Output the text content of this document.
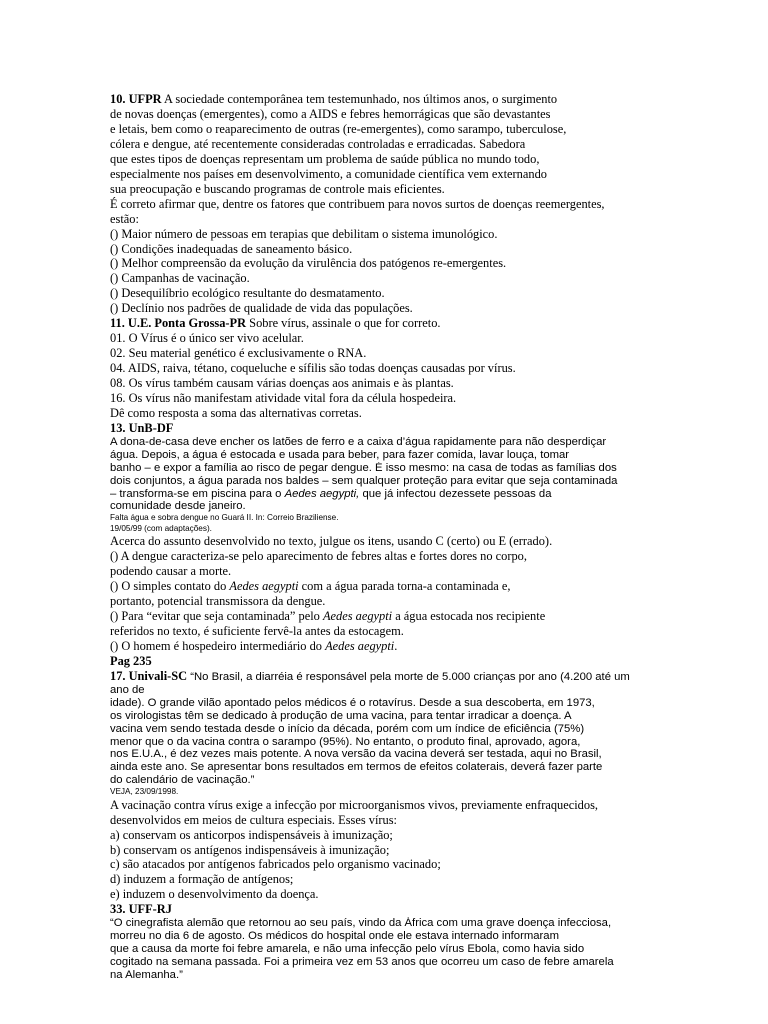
10. UFPR A sociedade contemporânea tem testemunhado, nos últimos anos, o surgimento
de novas doenças (emergentes), como a AIDS e febres hemorrágicas que são devastantes
e letais, bem como o reaparecimento de outras (re-emergentes), como sarampo, tuberculose,
cólera e dengue, até recentemente consideradas controladas e erradicadas. Sabedora
que estes tipos de doenças representam um problema de saúde pública no mundo todo,
especialmente nos países em desenvolvimento, a comunidade científica vem externando
sua preocupação e buscando programas de controle mais eficientes.
É correto afirmar que, dentre os fatores que contribuem para novos surtos de doenças reemergentes,
estão:
() Maior número de pessoas em terapias que debilitam o sistema imunológico.
() Condições inadequadas de saneamento básico.
() Melhor compreensão da evolução da virulência dos patógenos re-emergentes.
() Campanhas de vacinação.
() Desequilíbrio ecológico resultante do desmatamento.
() Declínio nos padrões de qualidade de vida das populações.
11. U.E. Ponta Grossa-PR Sobre vírus, assinale o que for correto.
01. O Vírus é o único ser vivo acelular.
02. Seu material genético é exclusivamente o RNA.
04. AIDS, raiva, tétano, coqueluche e sífilis são todas doenças causadas por vírus.
08. Os vírus também causam várias doenças aos animais e às plantas.
16. Os vírus não manifestam atividade vital fora da célula hospedeira.
Dê como resposta a soma das alternativas corretas.
13. UnB-DF
A dona-de-casa deve encher os latões de ferro e a caixa d’água rapidamente para não desperdiçar
água. Depois, a água é estocada e usada para beber, para fazer comida, lavar louça, tomar
banho – e expor a família ao risco de pegar dengue. É isso mesmo: na casa de todas as famílias dos
dois conjuntos, a água parada nos baldes – sem qualquer proteção para evitar que seja contaminada
– transforma-se em piscina para o Aedes aegypti, que já infectou dezessete pessoas da
comunidade desde janeiro.
Falta água e sobra dengue no Guará II. In: Correio Braziliense.
19/05/99 (com adaptações).
Acerca do assunto desenvolvido no texto, julgue os itens, usando C (certo) ou E (errado).
() A dengue caracteriza-se pelo aparecimento de febres altas e fortes dores no corpo,
podendo causar a morte.
() O simples contato do Aedes aegypti com a água parada torna-a contaminada e,
portanto, potencial transmissora da dengue.
() Para “evitar que seja contaminada” pelo Aedes aegypti a água estocada nos recipiente
referidos no texto, é suficiente fervê-la antes da estocagem.
() O homem é hospedeiro intermediário do Aedes aegypti.
Pag 235
17. Univali-SC “No Brasil, a diarréia é responsável pela morte de 5.000 crianças por ano (4.200 até um
ano de
idade). O grande vilão apontado pelos médicos é o rotavírus. Desde a sua descoberta, em 1973,
os virologistas têm se dedicado à produção de uma vacina, para tentar irradicar a doença. A
vacina vem sendo testada desde o início da década, porém com um índice de eficiência (75%)
menor que o da vacina contra o sarampo (95%). No entanto, o produto final, aprovado, agora,
nos E.U.A., é dez vezes mais potente. A nova versão da vacina deverá ser testada, aqui no Brasil,
ainda este ano. Se apresentar bons resultados em termos de efeitos colaterais, deverá fazer parte
do calendário de vacinação.”
VEJA, 23/09/1998.
A vacinação contra vírus exige a infecção por microorganismos vivos, previamente enfraquecidos,
desenvolvidos em meios de cultura especiais. Esses vírus:
a) conservam os anticorpos indispensáveis à imunização;
b) conservam os antígenos indispensáveis à imunização;
c) são atacados por antígenos fabricados pelo organismo vacinado;
d) induzem a formação de antígenos;
e) induzem o desenvolvimento da doença.
33. UFF-RJ
“O cinegrafista alemão que retornou ao seu país, vindo da África com uma grave doença infecciosa,
morreu no dia 6 de agosto. Os médicos do hospital onde ele estava internado informaram
que a causa da morte foi febre amarela, e não uma infecção pelo vírus Ebola, como havia sido
cogitado na semana passada. Foi a primeira vez em 53 anos que ocorreu um caso de febre amarela
na Alemanha.”
